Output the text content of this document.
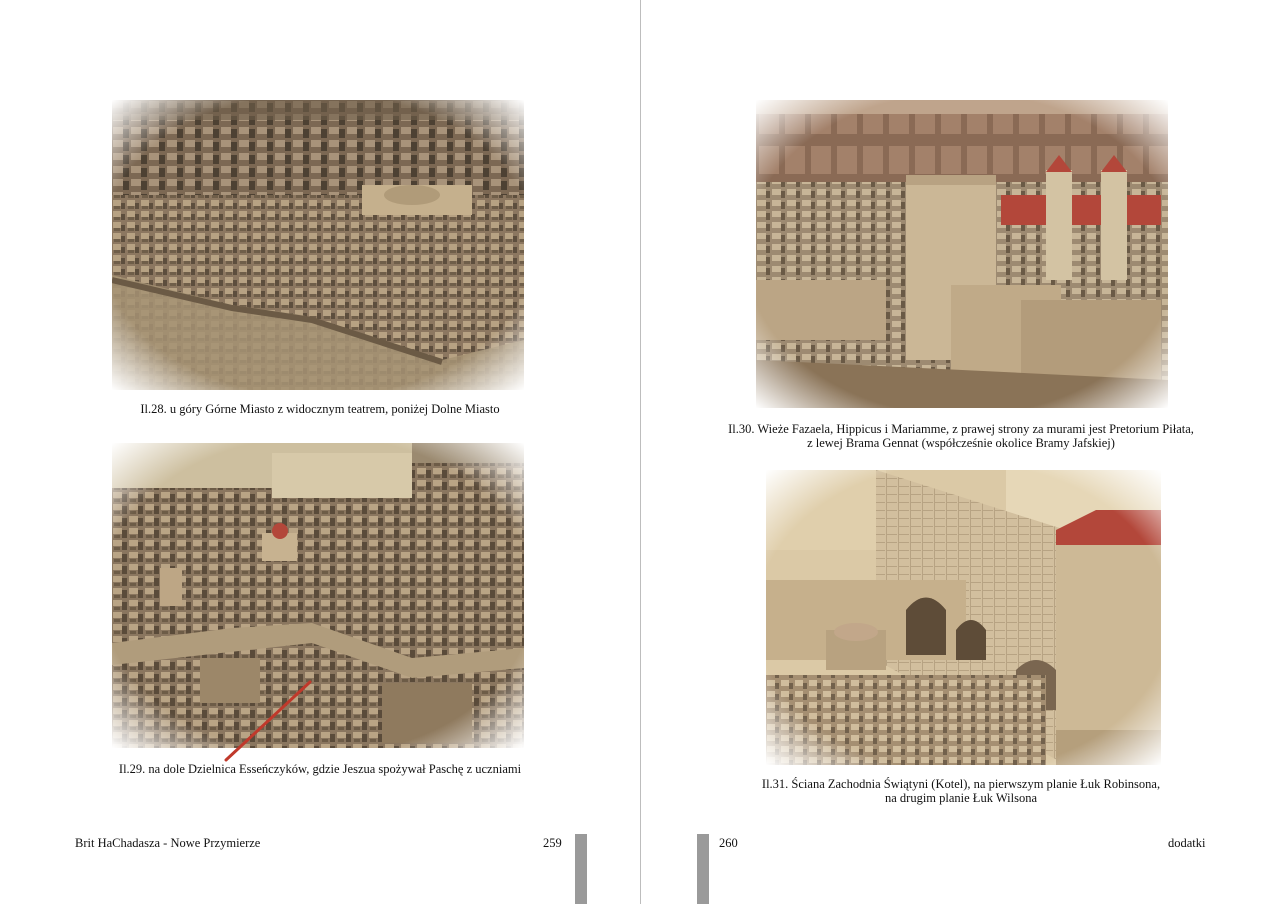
Il.28. u góry Górne Miasto z widocznym teatrem, poniżej Dolne Miasto
Il.29. na dole Dzielnica Esseńczyków, gdzie Jeszua spożywał Paschę z uczniami
Brit HaChadasza - Nowe Przymierze	259
Il.30. Wieże Fazaela, Hippicus i Mariamme, z prawej strony za murami jest Pretorium Piłata,
z lewej Brama Gennat (współcześnie okolice Bramy Jafskiej)
Il.31. Ściana Zachodnia Świątyni (Kotel), na pierwszym planie Łuk Robinsona,
na drugim planie Łuk Wilsona
260	dodatki
